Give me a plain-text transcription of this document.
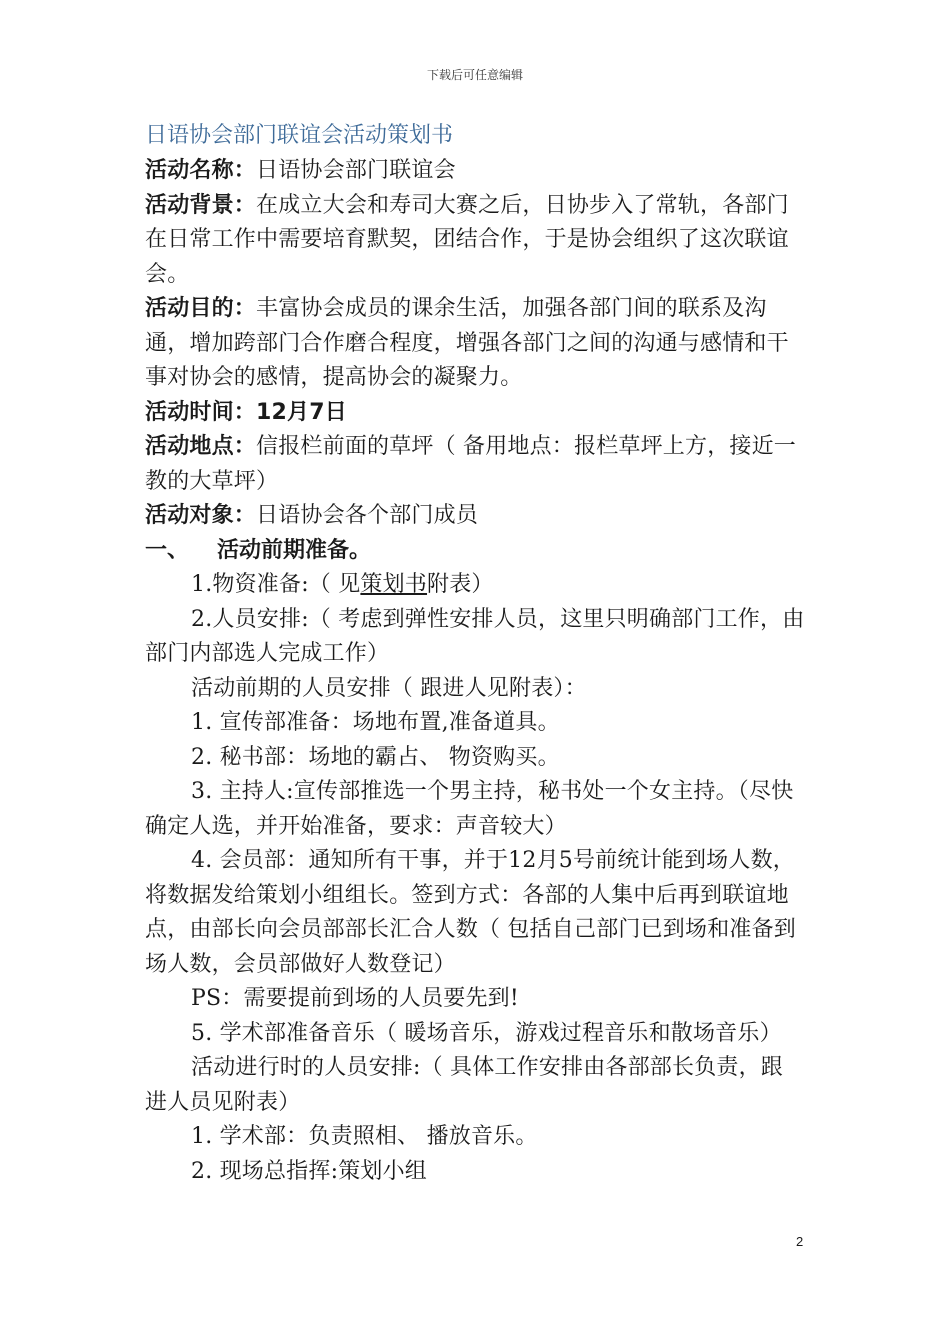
下载后可任意编辑

日语协会部门联谊会活动策划书

活动名称：日语协会部门联谊会

活动背景：在成立大会和寿司大赛之后，日协步入了常轨，各部门在日常工作中需要培育默契，团结合作，于是协会组织了这次联谊会。

活动目的：丰富协会成员的课余生活，加强各部门间的联系及沟通，增加跨部门合作磨合程度，增强各部门之间的沟通与感情和干事对协会的感情，提高协会的凝聚力。

活动时间：12月7日

活动地点：信报栏前面的草坪（ 备用地点：报栏草坪上方，接近一教的大草坪）

活动对象：日语协会各个部门成员

一、 活动前期准备。

1.物资准备:（ 见策划书附表）

2.人员安排:（ 考虑到弹性安排人员，这里只明确部门工作，由部门内部选人完成工作）

活动前期的人员安排（ 跟进人见附表）：

1. 宣传部准备：场地布置,准备道具。

2. 秘书部：场地的霸占、 物资购买。

3. 主持人:宣传部推选一个男主持，秘书处一个女主持。（尽快确定人选，并开始准备，要求：声音较大）

4. 会员部：通知所有干事，并于12月5号前统计能到场人数，将数据发给策划小组组长。签到方式：各部的人集中后再到联谊地点，由部长向会员部部长汇合人数（ 包括自己部门已到场和准备到场人数，会员部做好人数登记）

PS：需要提前到场的人员要先到!

5. 学术部准备音乐（ 暖场音乐，游戏过程音乐和散场音乐）

活动进行时的人员安排:（ 具体工作安排由各部部长负责，跟进人员见附表）

1. 学术部：负责照相、 播放音乐。

2. 现场总指挥:策划小组

2
